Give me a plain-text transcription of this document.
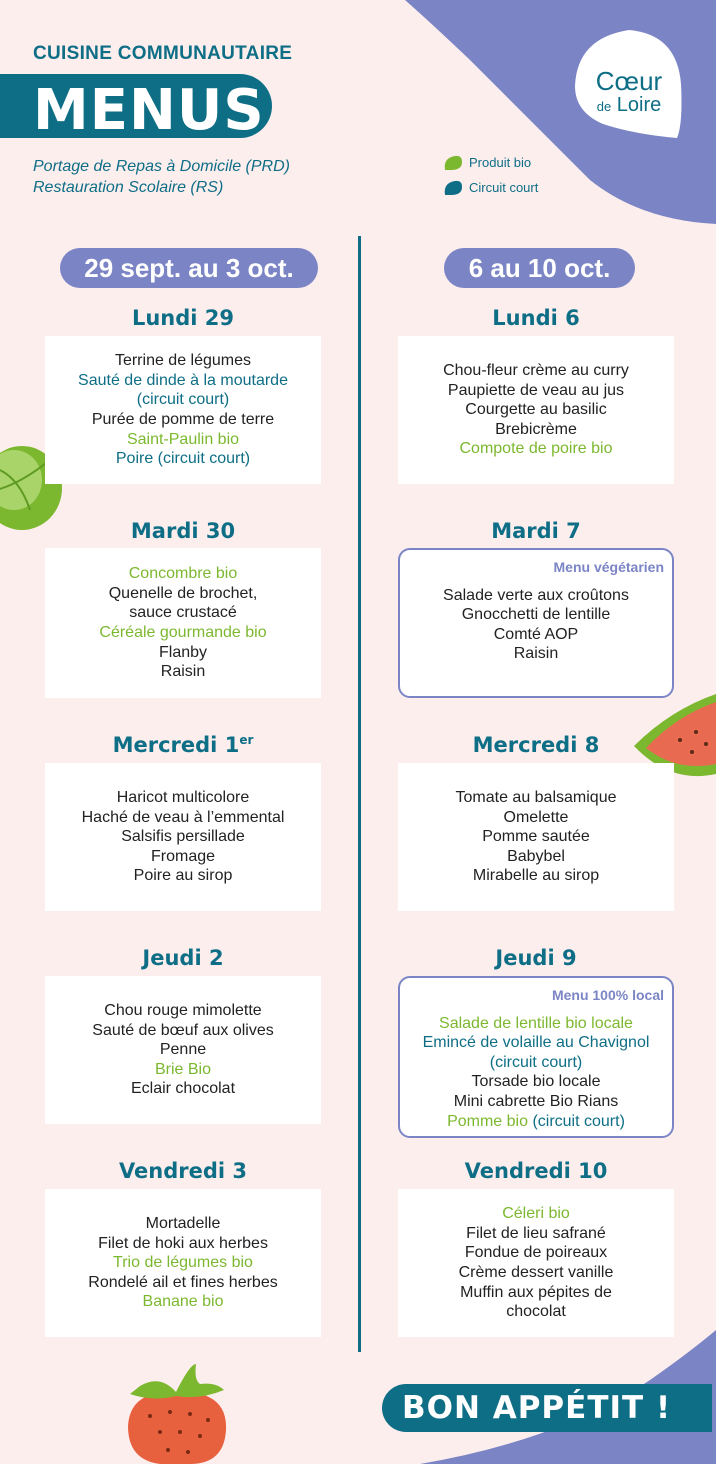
CUISINE COMMUNAUTAIRE
MENUS
Portage de Repas à Domicile (PRD)
Restauration Scolaire (RS)
Produit bio
Circuit court
Cœur
de Loire
29 sept. au 3 oct.	6 au 10 oct.
Lundi 29
Terrine de légumes
Sauté de dinde à la moutarde
(circuit court)
Purée de pomme de terre
Saint-Paulin bio
Poire (circuit court)
Mardi 30
Concombre bio
Quenelle de brochet,
sauce crustacé
Céréale gourmande bio
Flanby
Raisin
Mercredi 1er
Haricot multicolore
Haché de veau à l’emmental
Salsifis persillade
Fromage
Poire au sirop
Jeudi 2
Chou rouge mimolette
Sauté de bœuf aux olives
Penne
Brie Bio
Eclair chocolat
Vendredi 3
Mortadelle
Filet de hoki aux herbes
Trio de légumes bio
Rondelé ail et fines herbes
Banane bio
Lundi 6
Chou-fleur crème au curry
Paupiette de veau au jus
Courgette au basilic
Brebicrème
Compote de poire bio
Mardi 7
Menu végétarien
Salade verte aux croûtons
Gnocchetti de lentille
Comté AOP
Raisin
Mercredi 8
Tomate au balsamique
Omelette
Pomme sautée
Babybel
Mirabelle au sirop
Jeudi 9
Menu 100% local
Salade de lentille bio locale
Emincé de volaille au Chavignol
(circuit court)
Torsade bio locale
Mini cabrette Bio Rians
Pomme bio (circuit court)
Vendredi 10
Céleri bio
Filet de lieu safrané
Fondue de poireaux
Crème dessert vanille
Muffin aux pépites de
chocolat
BON APPÉTIT !
